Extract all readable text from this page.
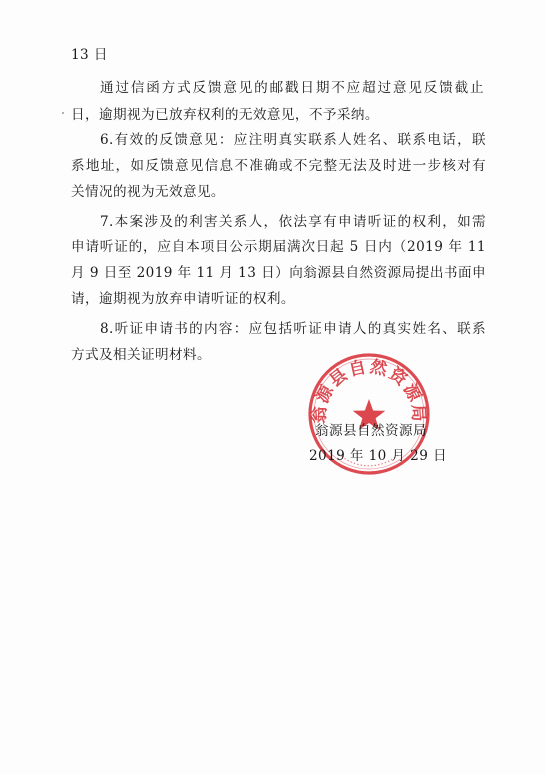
13 日
通过信函方式反馈意见的邮戳日期不应超过意见反馈截止
日，逾期视为已放弃权利的无效意见，不予采纳。
6.有效的反馈意见：应注明真实联系人姓名、联系电话，联
系地址，如反馈意见信息不准确或不完整无法及时进一步核对有
关情况的视为无效意见。
7.本案涉及的利害关系人，依法享有申请听证的权利，如需
申请听证的，应自本项目公示期届满次日起 5 日内（2019 年 11
月 9 日至 2019 年 11 月 13 日）向翁源县自然资源局提出书面申
请，逾期视为放弃申请听证的权利。
8.听证申请书的内容：应包括听证申请人的真实姓名、联系
方式及相关证明材料。
翁源县自然资源局
翁源县自然资源局
2019 年 10 月 29 日
